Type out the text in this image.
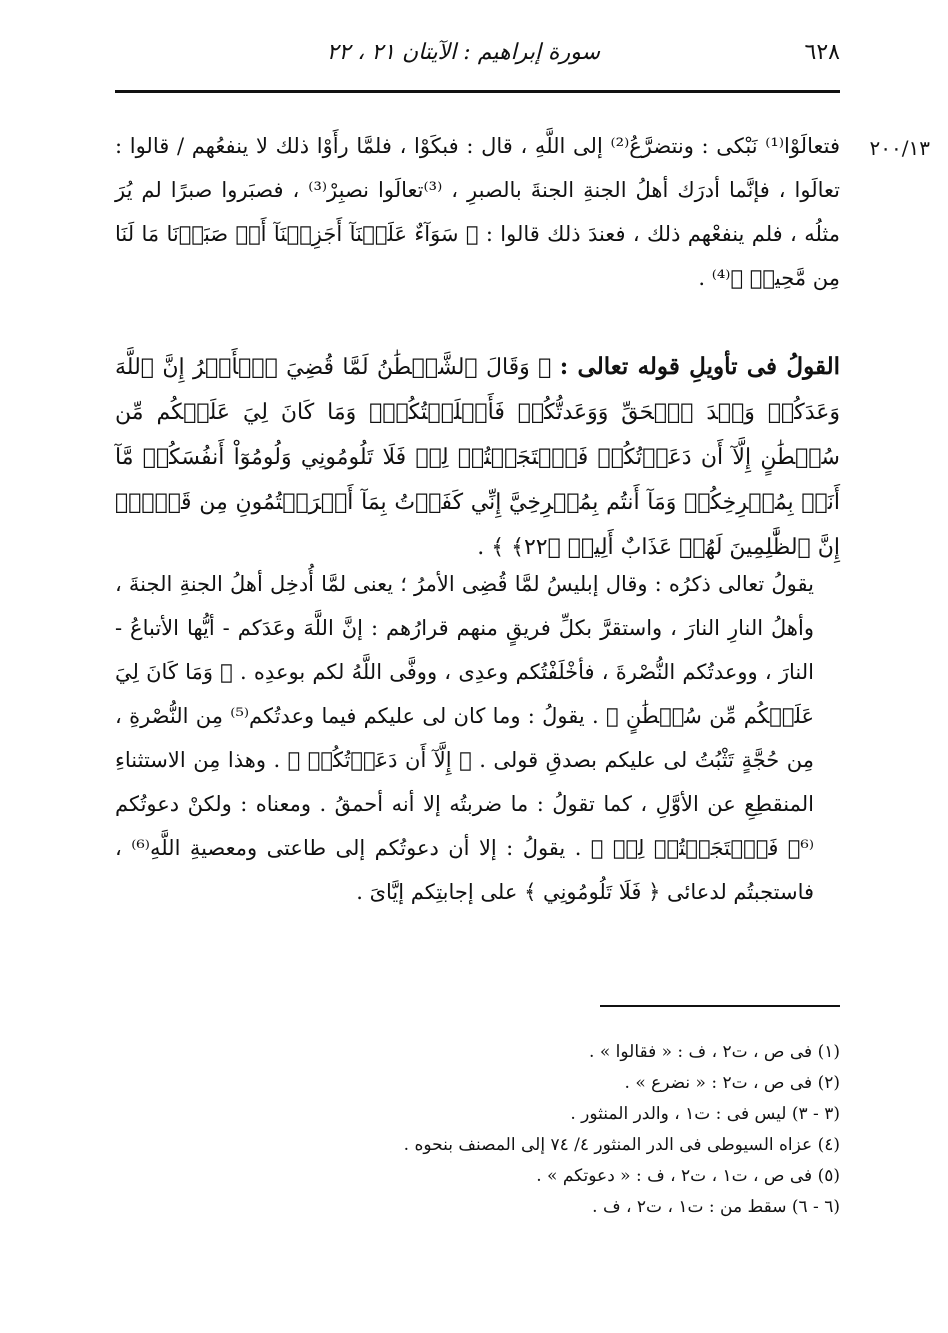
٦٢٨
سورة إبراهيم : الآيتان ٢١ ، ٢٢
٢٠٠/١٣

فتعالَوْا⁽¹⁾ نَبْكى : ونتضرَّعُ⁽²⁾ إلى اللَّهِ ، قال : فبكَوْا ، فلمَّا رأَوْا ذلك لا ينفعُهم / قالوا : تعالَوا ، فإنَّما أدرَك أهلُ الجنةِ الجنةَ بالصبرِ ، ⁽³⁾تعالَوا نصبِرْ⁽³⁾ ، فصبَروا صبرًا لم يُرَ مثلُه ، فلم ينفعْهم ذلك ، فعندَ ذلك قالوا : ﴿ سَوَآءٌ عَلَيۡنَآ أَجَزِعۡنَآ أَمۡ صَبَرۡنَا مَا لَنَا مِن مَّحِيصٖ ﴾⁽⁴⁾ .

القولُ فى تأويلِ قوله تعالى : ﴿ وَقَالَ ٱلشَّيۡطَٰنُ لَمَّا قُضِيَ ٱلۡأَمۡرُ إِنَّ ٱللَّهَ وَعَدَكُمۡ وَعۡدَ ٱلۡحَقِّ وَوَعَدتُّكُمۡ فَأَخۡلَفۡتُكُمۡۖ وَمَا كَانَ لِيَ عَلَيۡكُم مِّن سُلۡطَٰنٍ إِلَّآ أَن دَعَوۡتُكُمۡ فَٱسۡتَجَبۡتُمۡ لِيۖ فَلَا تَلُومُونِي وَلُومُوٓاْ أَنفُسَكُمۖ مَّآ أَنَا۠ بِمُصۡرِخِكُمۡ وَمَآ أَنتُم بِمُصۡرِخِيَّ إِنِّي كَفَرۡتُ بِمَآ أَشۡرَكۡتُمُونِ مِن قَبۡلُۗ إِنَّ ٱلظَّٰلِمِينَ لَهُمۡ عَذَابٌ أَلِيمٞ ﴿٢٢﴾ ﴾ .

يقولُ تعالى ذكرُه : وقال إبليسُ لمَّا قُضِى الأمرُ ؛ يعنى لمَّا أُدخِل أهلُ الجنةِ الجنةَ ، وأهلُ النارِ النارَ ، واستقرَّ بكلِّ فريقٍ منهم قرارُهم : إنَّ اللَّهَ وعَدَكم - أيُّها الأتباعُ - النارَ ، ووعدتُكم النُّصْرةَ ، فأخْلَفْتُكم وعدِى ، ووفَّى اللَّهُ لكم بوعدِه . ﴿ وَمَا كَانَ لِيَ عَلَيۡكُم مِّن سُلۡطَٰنٍ ﴾ . يقولُ : وما كان لى عليكم فيما وعدتُكم⁽⁵⁾ مِن النُّصْرةِ ، مِن حُجَّةٍ تَثْبُتُ لى عليكم بصدقِ قولى . ﴿ إِلَّآ أَن دَعَوۡتُكُمۡ ﴾ . وهذا مِن الاستثناءِ المنقطِعِ عن الأوَّلِ ، كما تقولُ : ما ضربتُه إلا أنه أحمقُ . ومعناه : ولكنْ دعوتُكم ⁽⁶﴿ فَٱسۡتَجَبۡتُمۡ لِيۖ ﴾ . يقولُ : إلا أن دعوتُكم إلى طاعتى ومعصيةِ اللَّهِ⁽⁶⁾ ، فاستجبتُم لدعائى ﴿ فَلَا تَلُومُونِي ﴾ على إجابتِكم إيَّاىَ .

(١) فى ص ، ت٢ ، ف : « فقالوا » .
(٢) فى ص ، ت٢ : « نضرع » .
(٣ - ٣) ليس فى : ت١ ، والدر المنثور .
(٤) عزاه السيوطى فى الدر المنثور ٤/ ٧٤ إلى المصنف بنحوه .
(٥) فى ص ، ت١ ، ت٢ ، ف : « دعوتكم » .
(٦ - ٦) سقط من : ت١ ، ت٢ ، ف .
